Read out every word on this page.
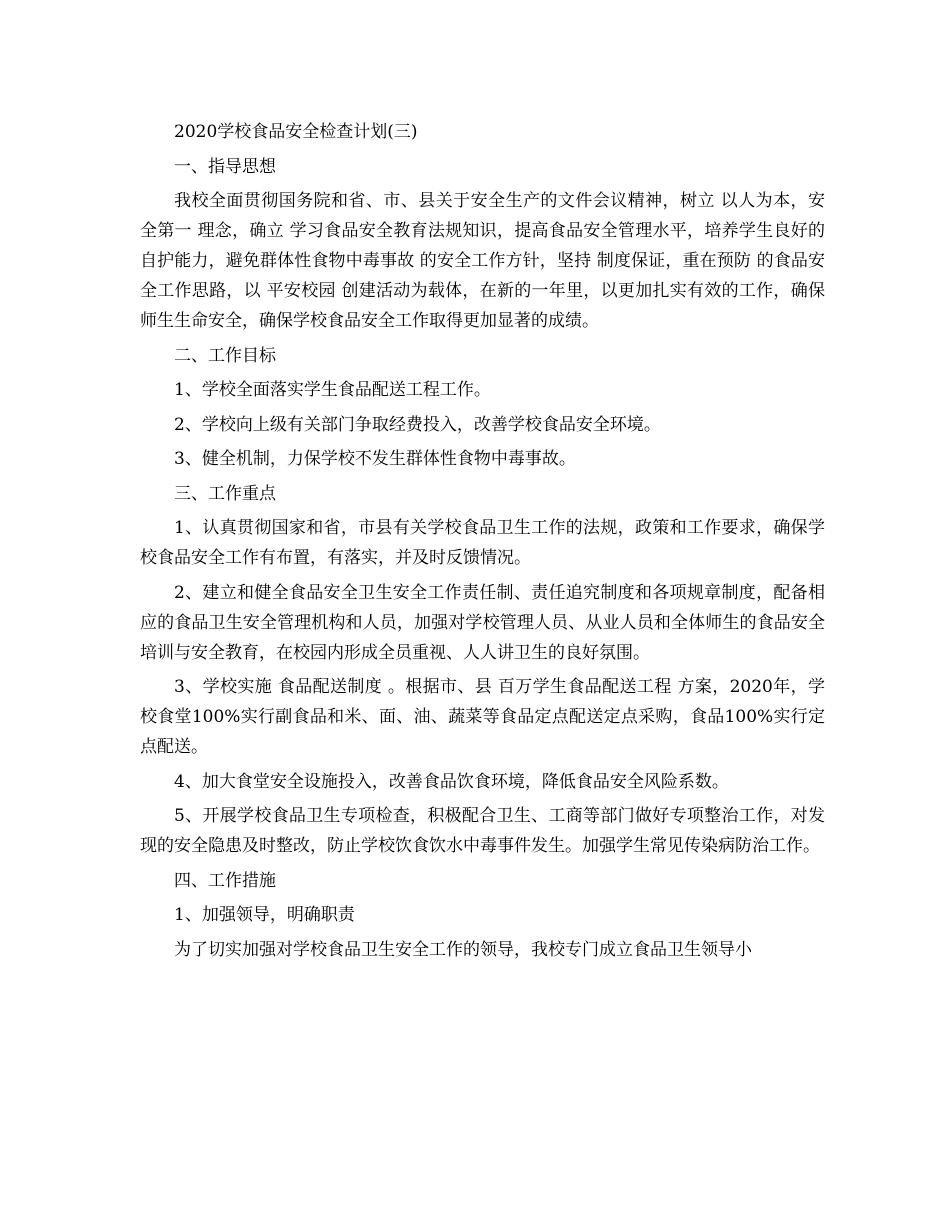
2020学校食品安全检查计划(三)
一、指导思想
我校全面贯彻国务院和省、市、县关于安全生产的文件会议精神，树立 以人为本，安全第一 理念，确立 学习食品安全教育法规知识，提高食品安全管理水平，培养学生良好的自护能力，避免群体性食物中毒事故 的安全工作方针，坚持 制度保证，重在预防 的食品安全工作思路，以 平安校园 创建活动为载体，在新的一年里，以更加扎实有效的工作，确保师生生命安全，确保学校食品安全工作取得更加显著的成绩。
二、工作目标
1、学校全面落实学生食品配送工程工作。
2、学校向上级有关部门争取经费投入，改善学校食品安全环境。
3、健全机制，力保学校不发生群体性食物中毒事故。
三、工作重点
1、认真贯彻国家和省，市县有关学校食品卫生工作的法规，政策和工作要求，确保学校食品安全工作有布置，有落实，并及时反馈情况。
2、建立和健全食品安全卫生安全工作责任制、责任追究制度和各项规章制度，配备相应的食品卫生安全管理机构和人员，加强对学校管理人员、从业人员和全体师生的食品安全培训与安全教育，在校园内形成全员重视、人人讲卫生的良好氛围。
3、学校实施 食品配送制度 。根据市、县 百万学生食品配送工程 方案，2020年，学校食堂100%实行副食品和米、面、油、蔬菜等食品定点配送定点采购，食品100%实行定点配送。
4、加大食堂安全设施投入，改善食品饮食环境，降低食品安全风险系数。
5、开展学校食品卫生专项检查，积极配合卫生、工商等部门做好专项整治工作，对发现的安全隐患及时整改，防止学校饮食饮水中毒事件发生。加强学生常见传染病防治工作。
四、工作措施
1、加强领导，明确职责
为了切实加强对学校食品卫生安全工作的领导，我校专门成立食品卫生领导小
